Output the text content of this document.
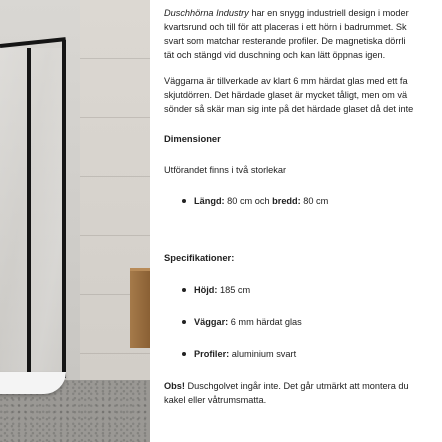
Duschhörna Industry har en snygg industriell design i moder

kvartsrund och till för att placeras i ett hörn i badrummet. Sk

svart som matchar resterande profiler. De magnetiska dörrli

tät och stängd vid duschning och kan lätt öppnas igen.

Väggarna är tillverkade av klart 6 mm härdat glas med ett fa

skjutdörren. Det härdade glaset är mycket tåligt, men om vä

sönder så skär man sig inte på det härdade glaset då det inte

Dimensioner

Utförandet finns i två storlekar

Längd: 80 cm och bredd: 80 cm
Specifikationer:
Höjd: 185 cm
Väggar: 6 mm härdat glas
Profiler: aluminium svart

Obs! Duschgolvet ingår inte. Det går utmärkt att montera du

kakel eller våtrumsmatta.
